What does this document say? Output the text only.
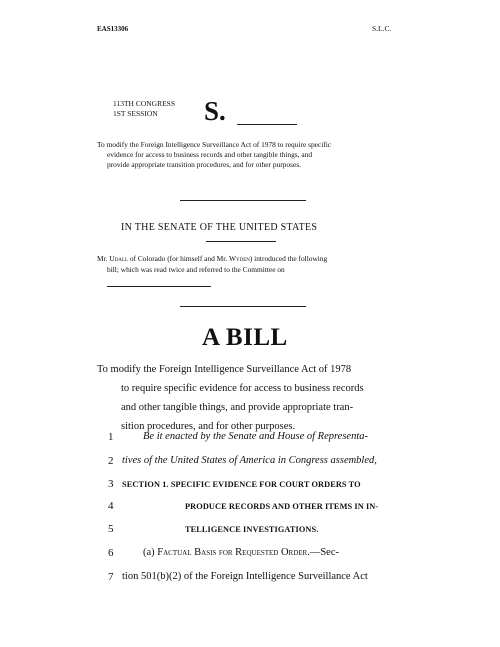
EAS13306	S.L.C.
113TH CONGRESS
1ST SESSION S.
To modify the Foreign Intelligence Surveillance Act of 1978 to require specific
evidence for access to business records and other tangible things, and
provide appropriate transition procedures, and for other purposes.
IN THE SENATE OF THE UNITED STATES
Mr. Udall of Colorado (for himself and Mr. Wyden) introduced the following
bill; which was read twice and referred to the Committee on
A BILL
To modify the Foreign Intelligence Surveillance Act of 1978
to require specific evidence for access to business records
and other tangible things, and provide appropriate tran-
sition procedures, and for other purposes.
1	Be it enacted by the Senate and House of Representa-
2 tives of the United States of America in Congress assembled,
3	SECTION 1. SPECIFIC EVIDENCE FOR COURT ORDERS TO
4	PRODUCE RECORDS AND OTHER ITEMS IN IN-
5	TELLIGENCE INVESTIGATIONS.
6	(a) Factual Basis for Requested Order.—Sec-
7 tion 501(b)(2) of the Foreign Intelligence Surveillance Act
